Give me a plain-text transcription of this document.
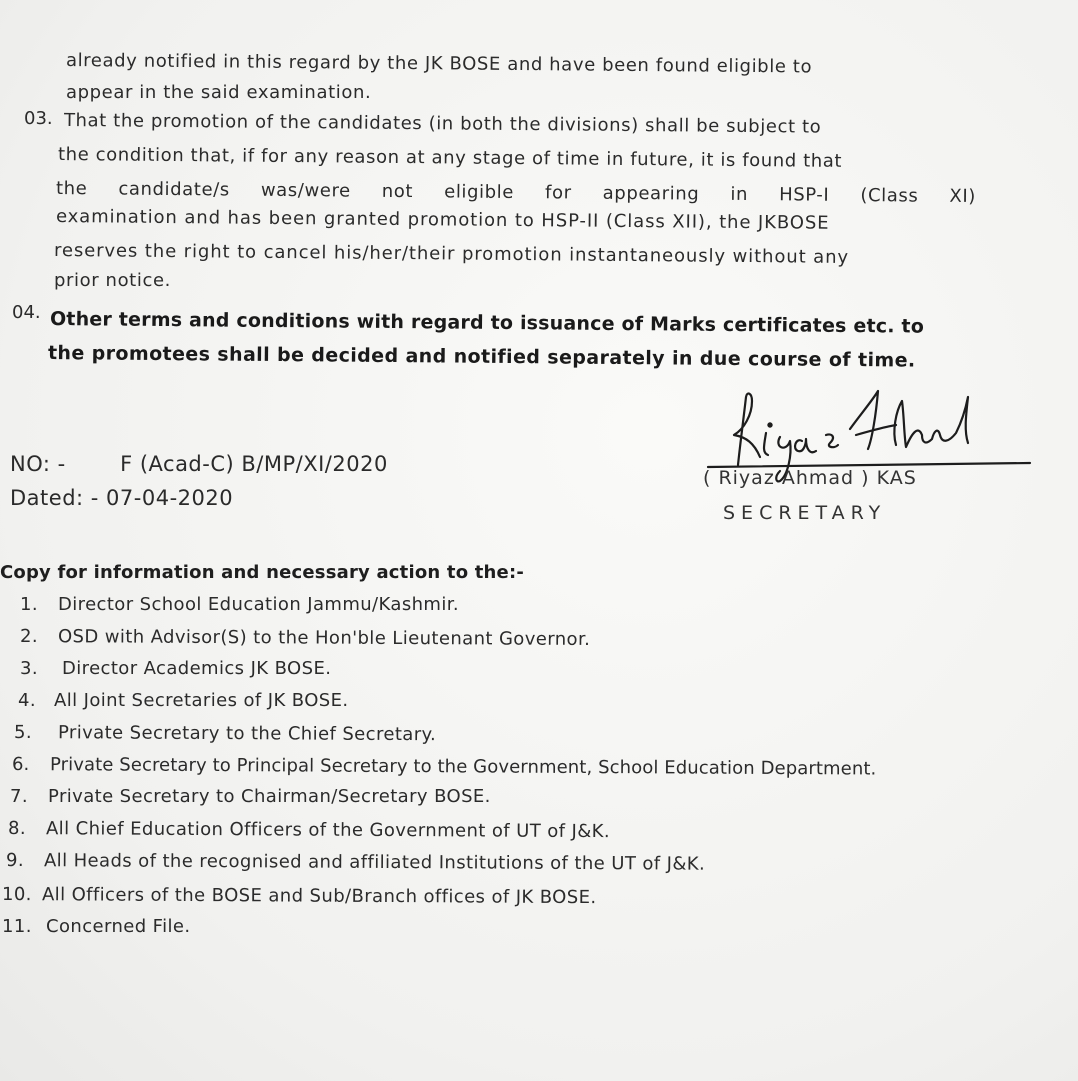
already notified in this regard by the JK BOSE and have been found eligible to
appear in the said examination.
03. That the promotion of the candidates (in both the divisions) shall be subject to
the condition that, if for any reason at any stage of time in future, it is found that
the candidate/s was/were not eligible for appearing in HSP-I (Class XI)
examination and has been granted promotion to HSP-II (Class XII), the JKBOSE
reserves the right to cancel his/her/their promotion instantaneously without any
prior notice.
04. Other terms and conditions with regard to issuance of Marks certificates etc. to
the promotees shall be decided and notified separately in due course of time.
NO: -	F (Acad-C) B/MP/XI/2020
Dated: - 07-04-2020
( Riyaz Ahmad ) KAS
SECRETARY
Copy for information and necessary action to the:-
1. Director School Education Jammu/Kashmir.
2. OSD with Advisor(S) to the Hon'ble Lieutenant Governor.
3. Director Academics JK BOSE.
4. All Joint Secretaries of JK BOSE.
5. Private Secretary to the Chief Secretary.
6. Private Secretary to Principal Secretary to the Government, School Education Department.
7. Private Secretary to Chairman/Secretary BOSE.
8. All Chief Education Officers of the Government of UT of J&K.
9. All Heads of the recognised and affiliated Institutions of the UT of J&K.
10. All Officers of the BOSE and Sub/Branch offices of JK BOSE.
11. Concerned File.
